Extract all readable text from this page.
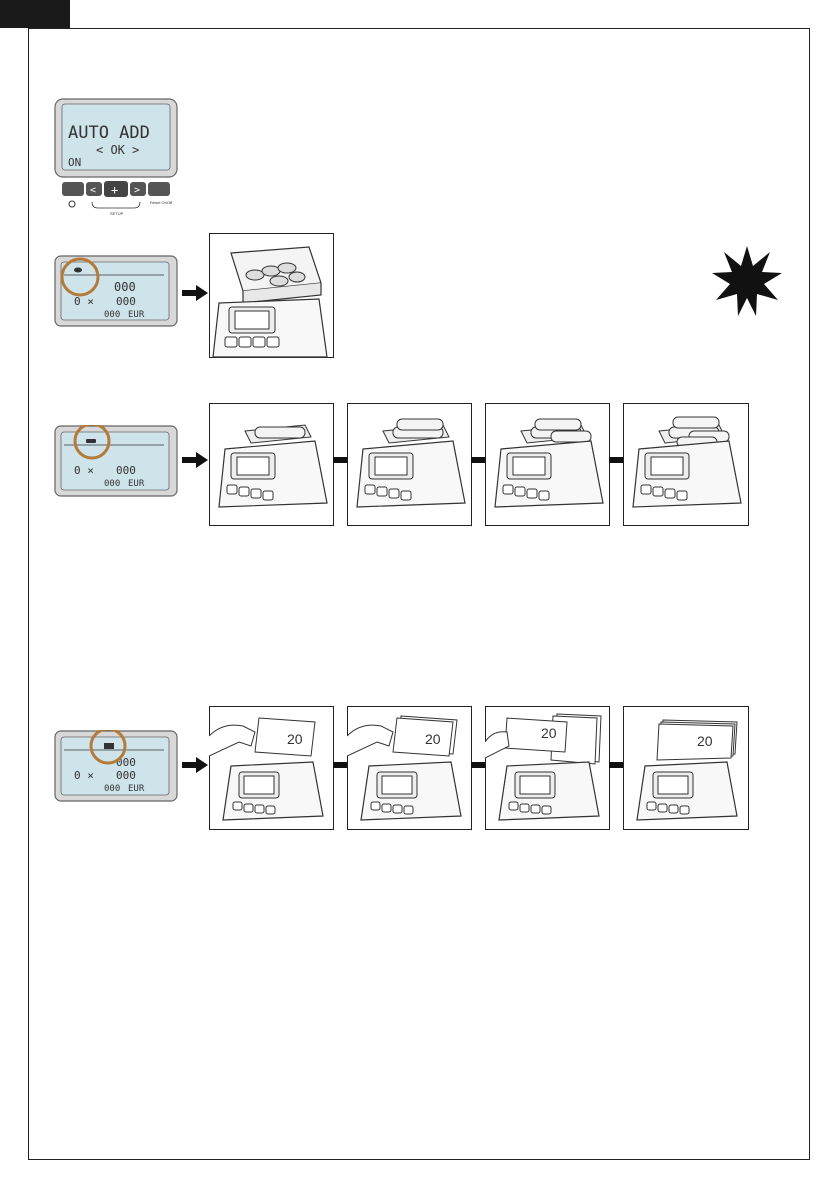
AUTO ADD
< OK >
ON
< + >
SETUP
Reset OnOff
000
0 × 000
000 EUR
0 × 000
000 EUR
000
0 × 000
000 EUR
20	20	20	20
